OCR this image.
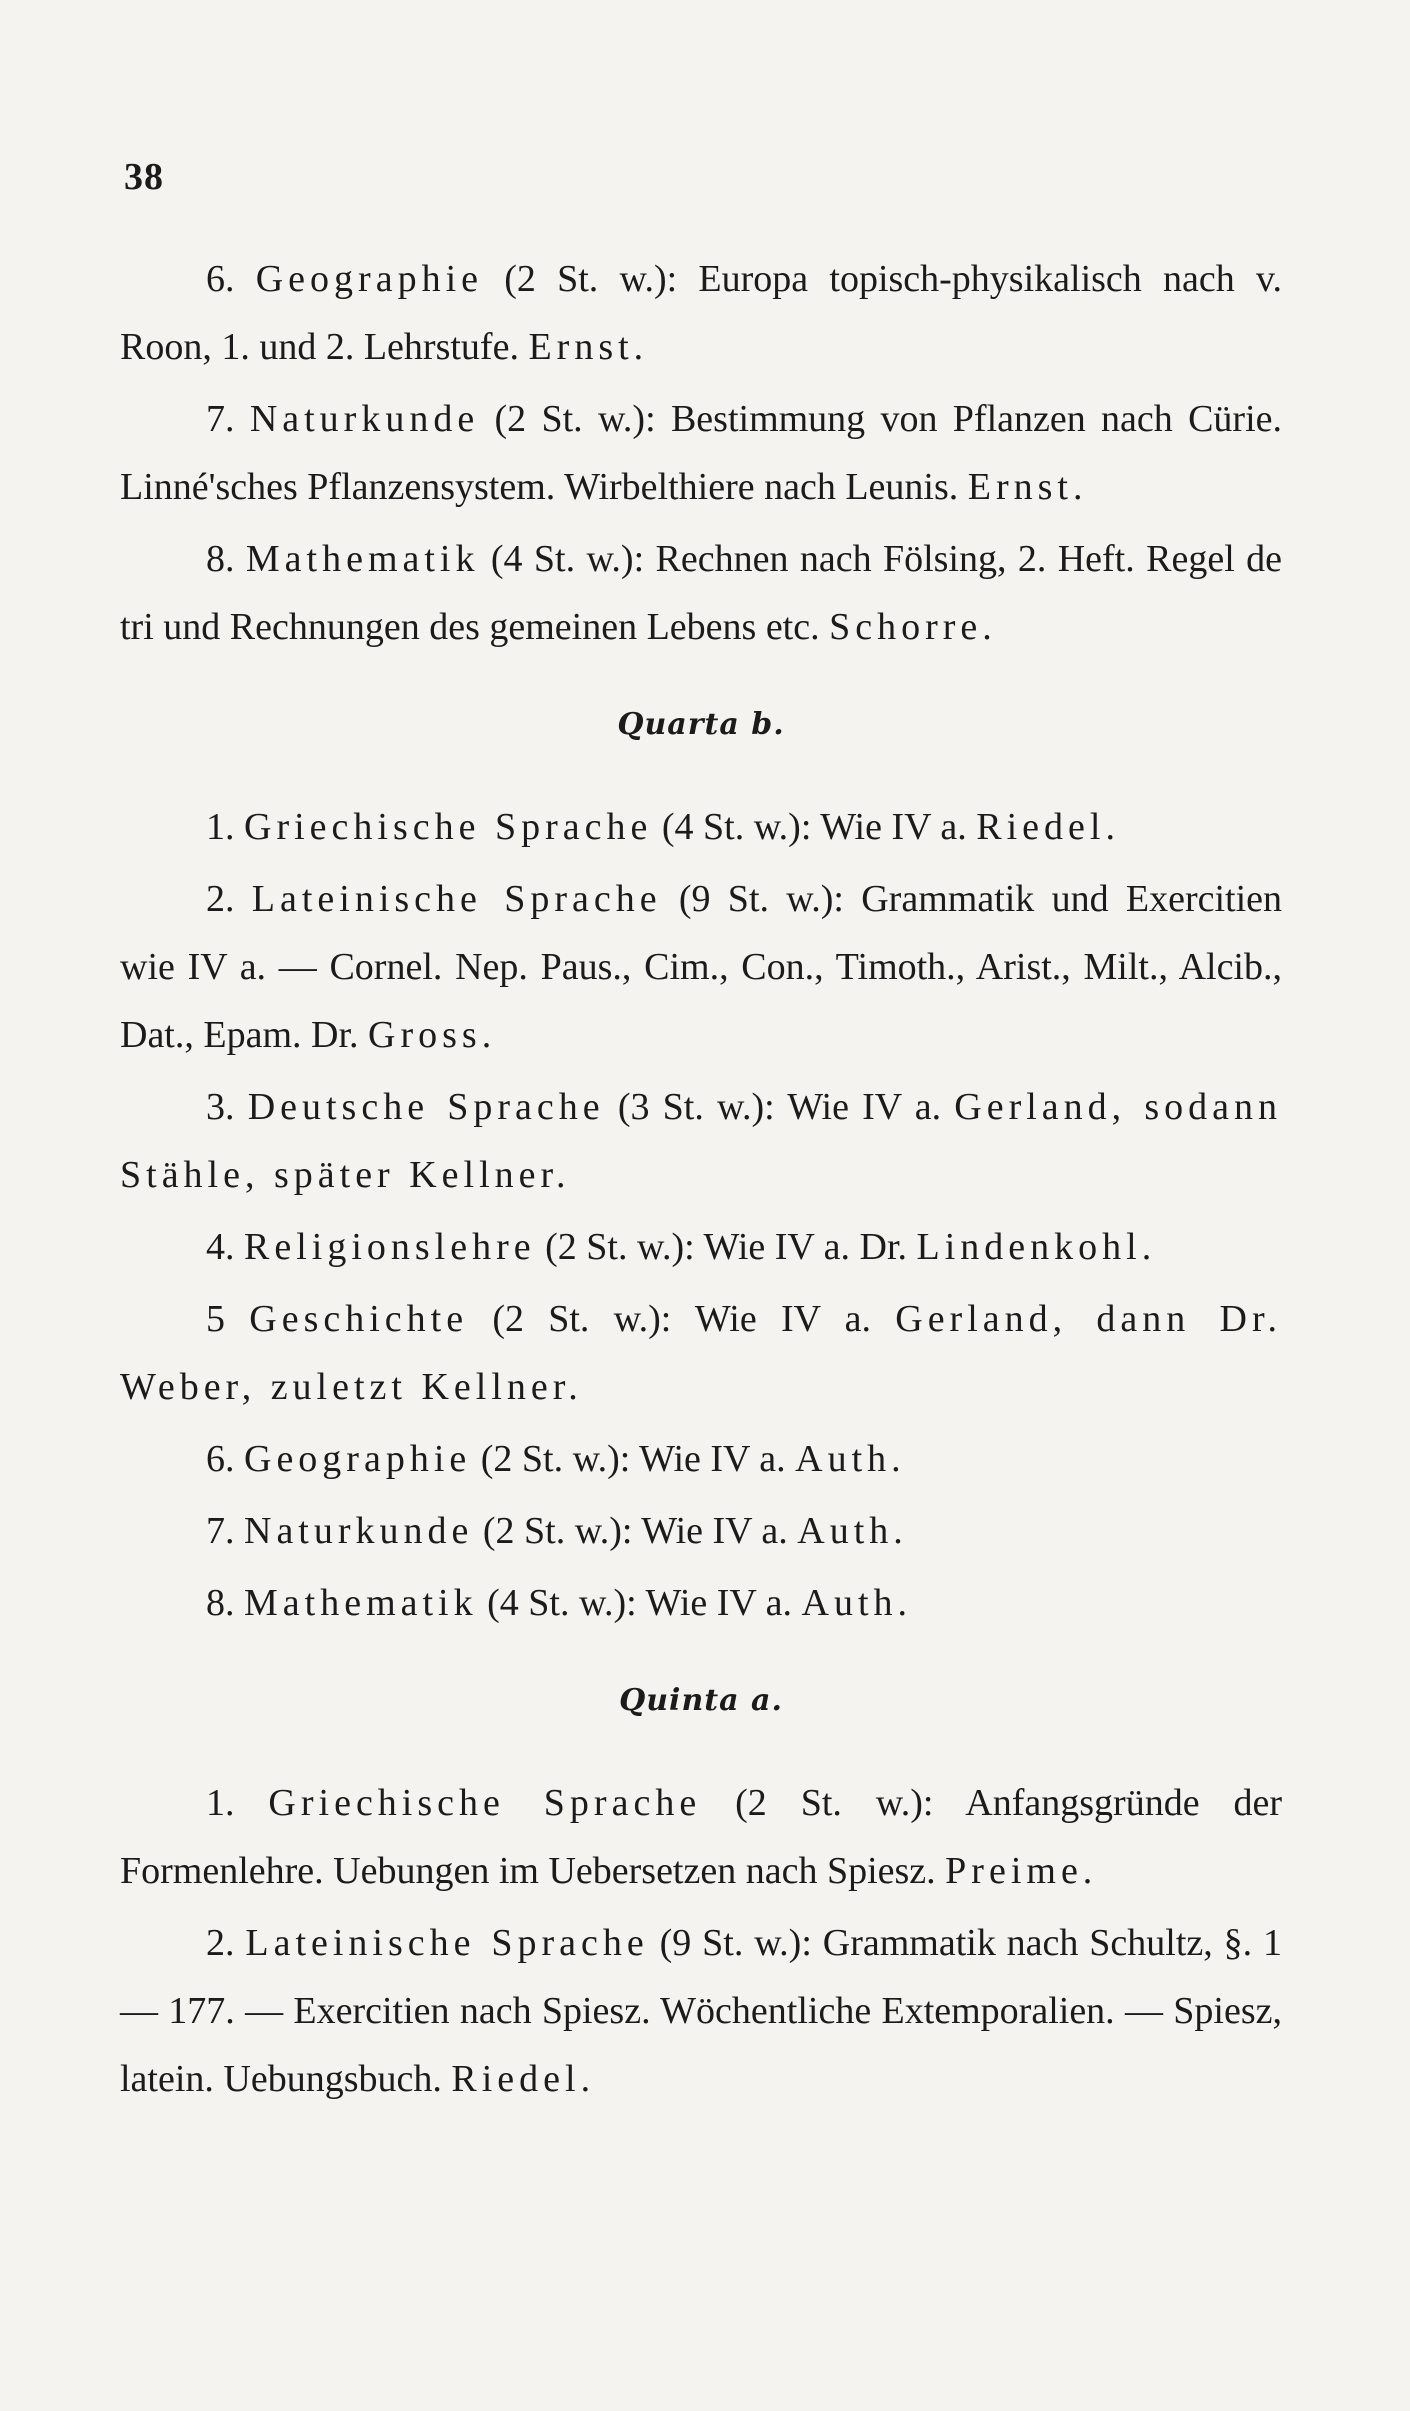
38

6. Geographie (2 St. w.): Europa topisch-physikalisch nach v. Roon, 1. und 2. Lehrstufe. Ernst.

7. Naturkunde (2 St. w.): Bestimmung von Pflanzen nach Cürie. Linné'sches Pflanzensystem. Wirbelthiere nach Leunis. Ernst.

8. Mathematik (4 St. w.): Rechnen nach Fölsing, 2. Heft. Regel de tri und Rechnungen des gemeinen Lebens etc. Schorre.

Quarta b.

1. Griechische Sprache (4 St. w.): Wie IV a. Riedel.

2. Lateinische Sprache (9 St. w.): Grammatik und Exercitien wie IV a. — Cornel. Nep. Paus., Cim., Con., Timoth., Arist., Milt., Alcib., Dat., Epam. Dr. Gross.

3. Deutsche Sprache (3 St. w.): Wie IV a. Gerland, sodann Stähle, später Kellner.

4. Religionslehre (2 St. w.): Wie IV a. Dr. Lindenkohl.

5 Geschichte (2 St. w.): Wie IV a. Gerland, dann Dr. Weber, zuletzt Kellner.

6. Geographie (2 St. w.): Wie IV a. Auth.

7. Naturkunde (2 St. w.): Wie IV a. Auth.

8. Mathematik (4 St. w.): Wie IV a. Auth.

Quinta a.

1. Griechische Sprache (2 St. w.): Anfangsgründe der Formenlehre. Uebungen im Uebersetzen nach Spiesz. Preime.

2. Lateinische Sprache (9 St. w.): Grammatik nach Schultz, §. 1 — 177. — Exercitien nach Spiesz. Wöchentliche Extemporalien. — Spiesz, latein. Uebungsbuch. Riedel.
